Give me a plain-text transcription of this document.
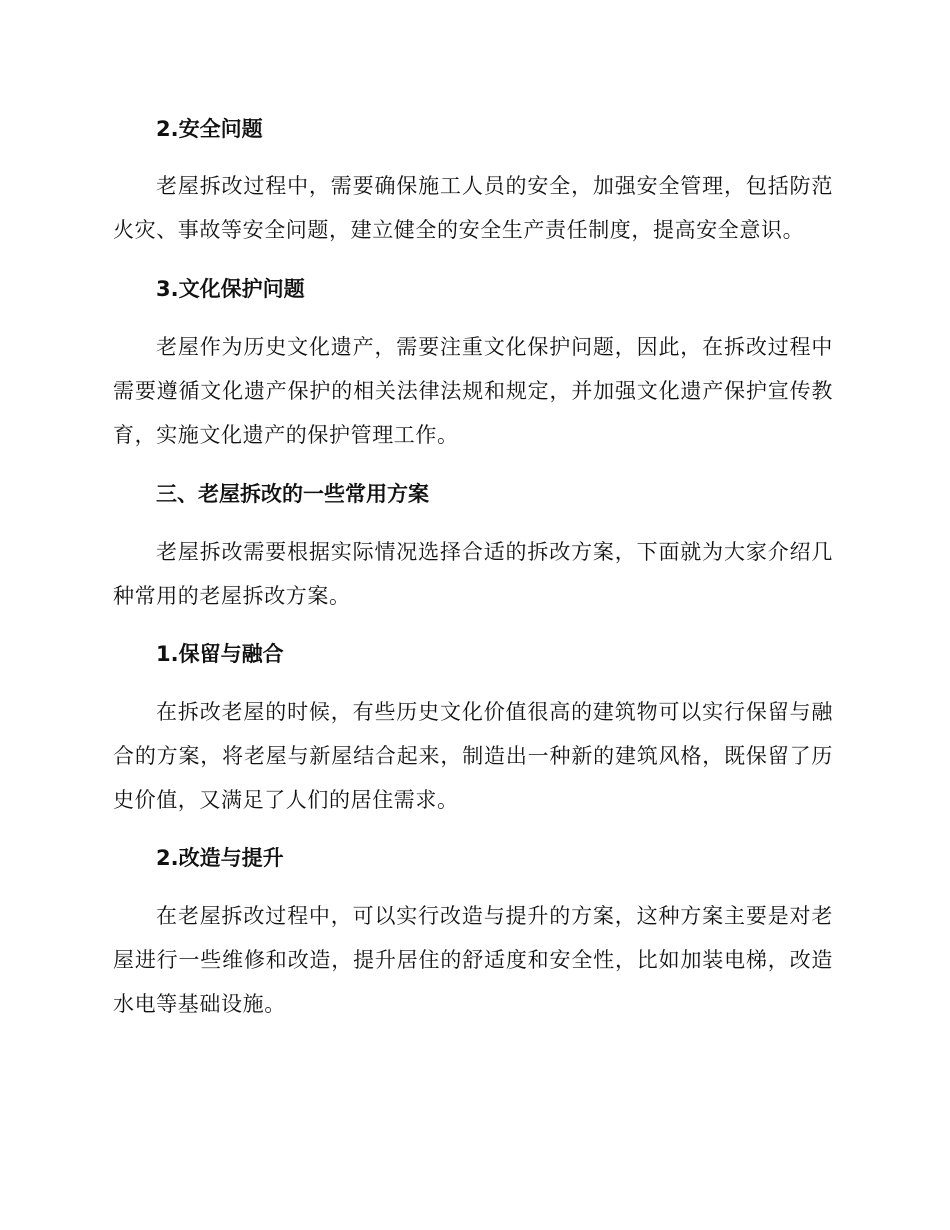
2.安全问题

老屋拆改过程中，需要确保施工人员的安全，加强安全管理，包括防范火灾、事故等安全问题，建立健全的安全生产责任制度，提高安全意识。

3.文化保护问题

老屋作为历史文化遗产，需要注重文化保护问题，因此，在拆改过程中需要遵循文化遗产保护的相关法律法规和规定，并加强文化遗产保护宣传教育，实施文化遗产的保护管理工作。

三、老屋拆改的一些常用方案

老屋拆改需要根据实际情况选择合适的拆改方案，下面就为大家介绍几种常用的老屋拆改方案。

1.保留与融合

在拆改老屋的时候，有些历史文化价值很高的建筑物可以实行保留与融合的方案，将老屋与新屋结合起来，制造出一种新的建筑风格，既保留了历史价值，又满足了人们的居住需求。

2.改造与提升

在老屋拆改过程中，可以实行改造与提升的方案，这种方案主要是对老屋进行一些维修和改造，提升居住的舒适度和安全性，比如加装电梯，改造水电等基础设施。
